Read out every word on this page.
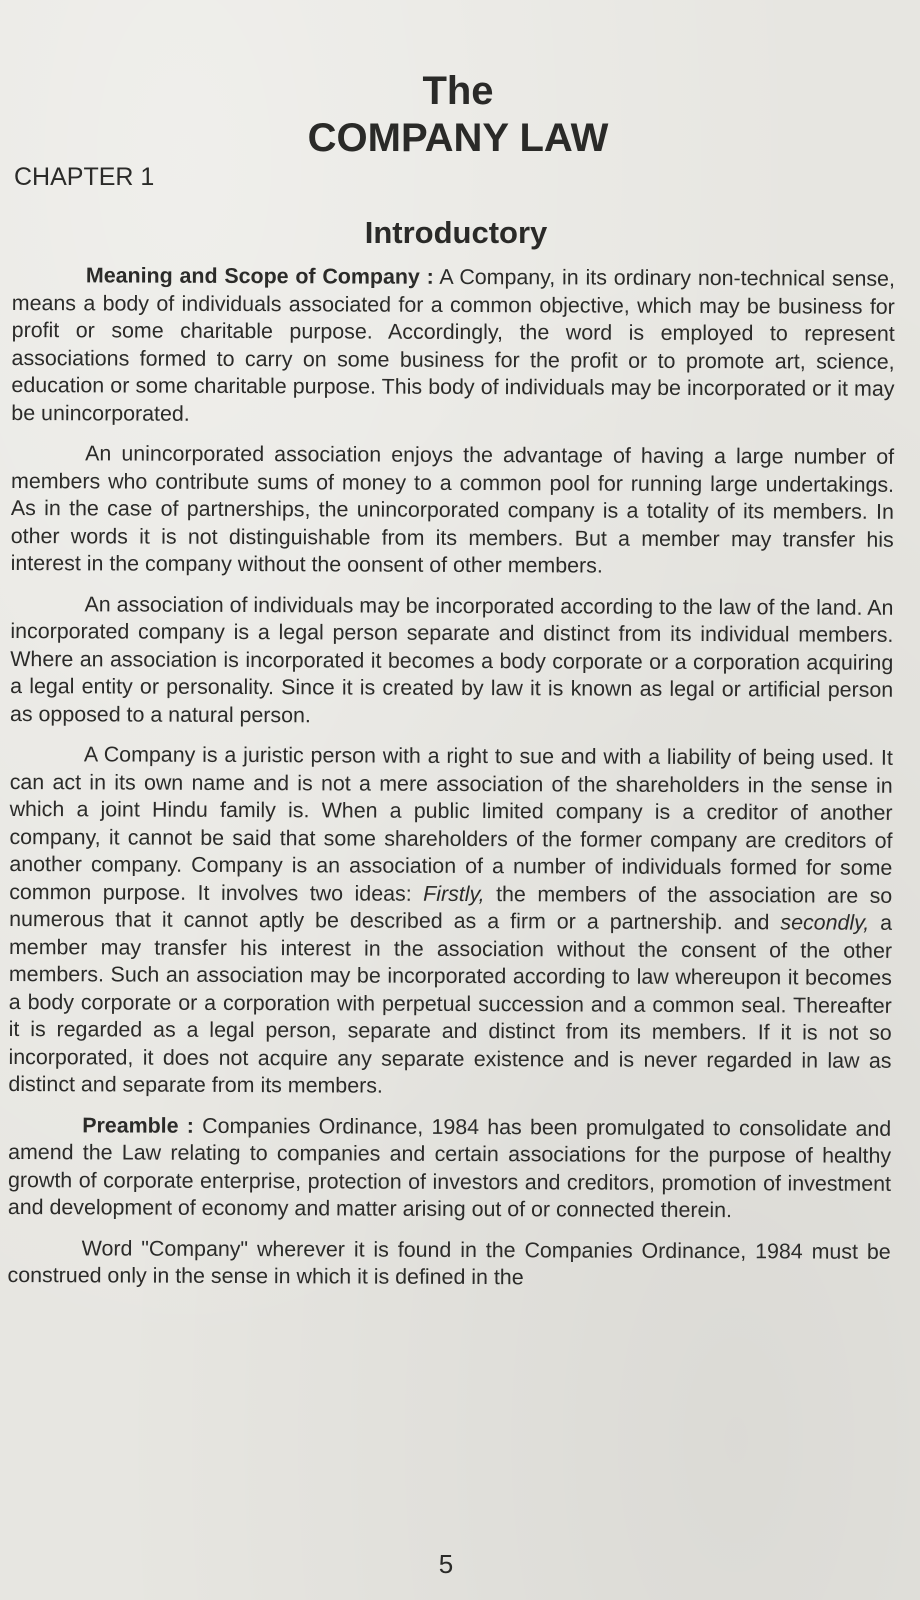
The
COMPANY LAW
CHAPTER 1
Introductory

Meaning and Scope of Company : A Company, in its ordinary non-technical sense, means a body of individuals associated for a common objective, which may be business for profit or some charitable purpose. Accordingly, the word is employed to represent associations formed to carry on some business for the profit or to promote art, science, education or some charitable purpose. This body of individuals may be incorporated or it may be unincorporated.

An unincorporated association enjoys the advantage of having a large number of members who contribute sums of money to a common pool for running large undertakings. As in the case of partnerships, the unincorporated company is a totality of its members. In other words it is not distinguishable from its members. But a member may transfer his interest in the company without the oonsent of other members.

An association of individuals may be incorporated according to the law of the land. An incorporated company is a legal person separate and distinct from its individual members. Where an association is incorporated it becomes a body corporate or a corporation acquiring a legal entity or personality. Since it is created by law it is known as legal or artificial person as opposed to a natural person.

A Company is a juristic person with a right to sue and with a liability of being used. It can act in its own name and is not a mere association of the shareholders in the sense in which a joint Hindu family is. When a public limited company is a creditor of another company, it cannot be said that some shareholders of the former company are creditors of another company. Company is an association of a number of individuals formed for some common purpose. It involves two ideas: Firstly, the members of the association are so numerous that it cannot aptly be described as a firm or a partnershiþ. and secondly, a member may transfer his interest in the association without the consent of the other members. Such an association may be incorporated according to law whereupon it becomes a body corporate or a corporation with perpetual succession and a common seal. Thereafter it is regarded as a legal person, separate and distinct from its members. If it is not so incorporated, it does not acquire any separate existence and is never regarded in law as distinct and separate from its members.

Preamble : Companies Ordinance, 1984 has been promulgated to consolidate and amend the Law relating to companies and certain associations for the purpose of healthy growth of corporate enterprise, protection of investors and creditors, promotion of investment and development of economy and matter arising out of or connected therein.

Word "Company" wherever it is found in the Companies Ordinance, 1984 must be construed only in the sense in which it is defined in the

5
